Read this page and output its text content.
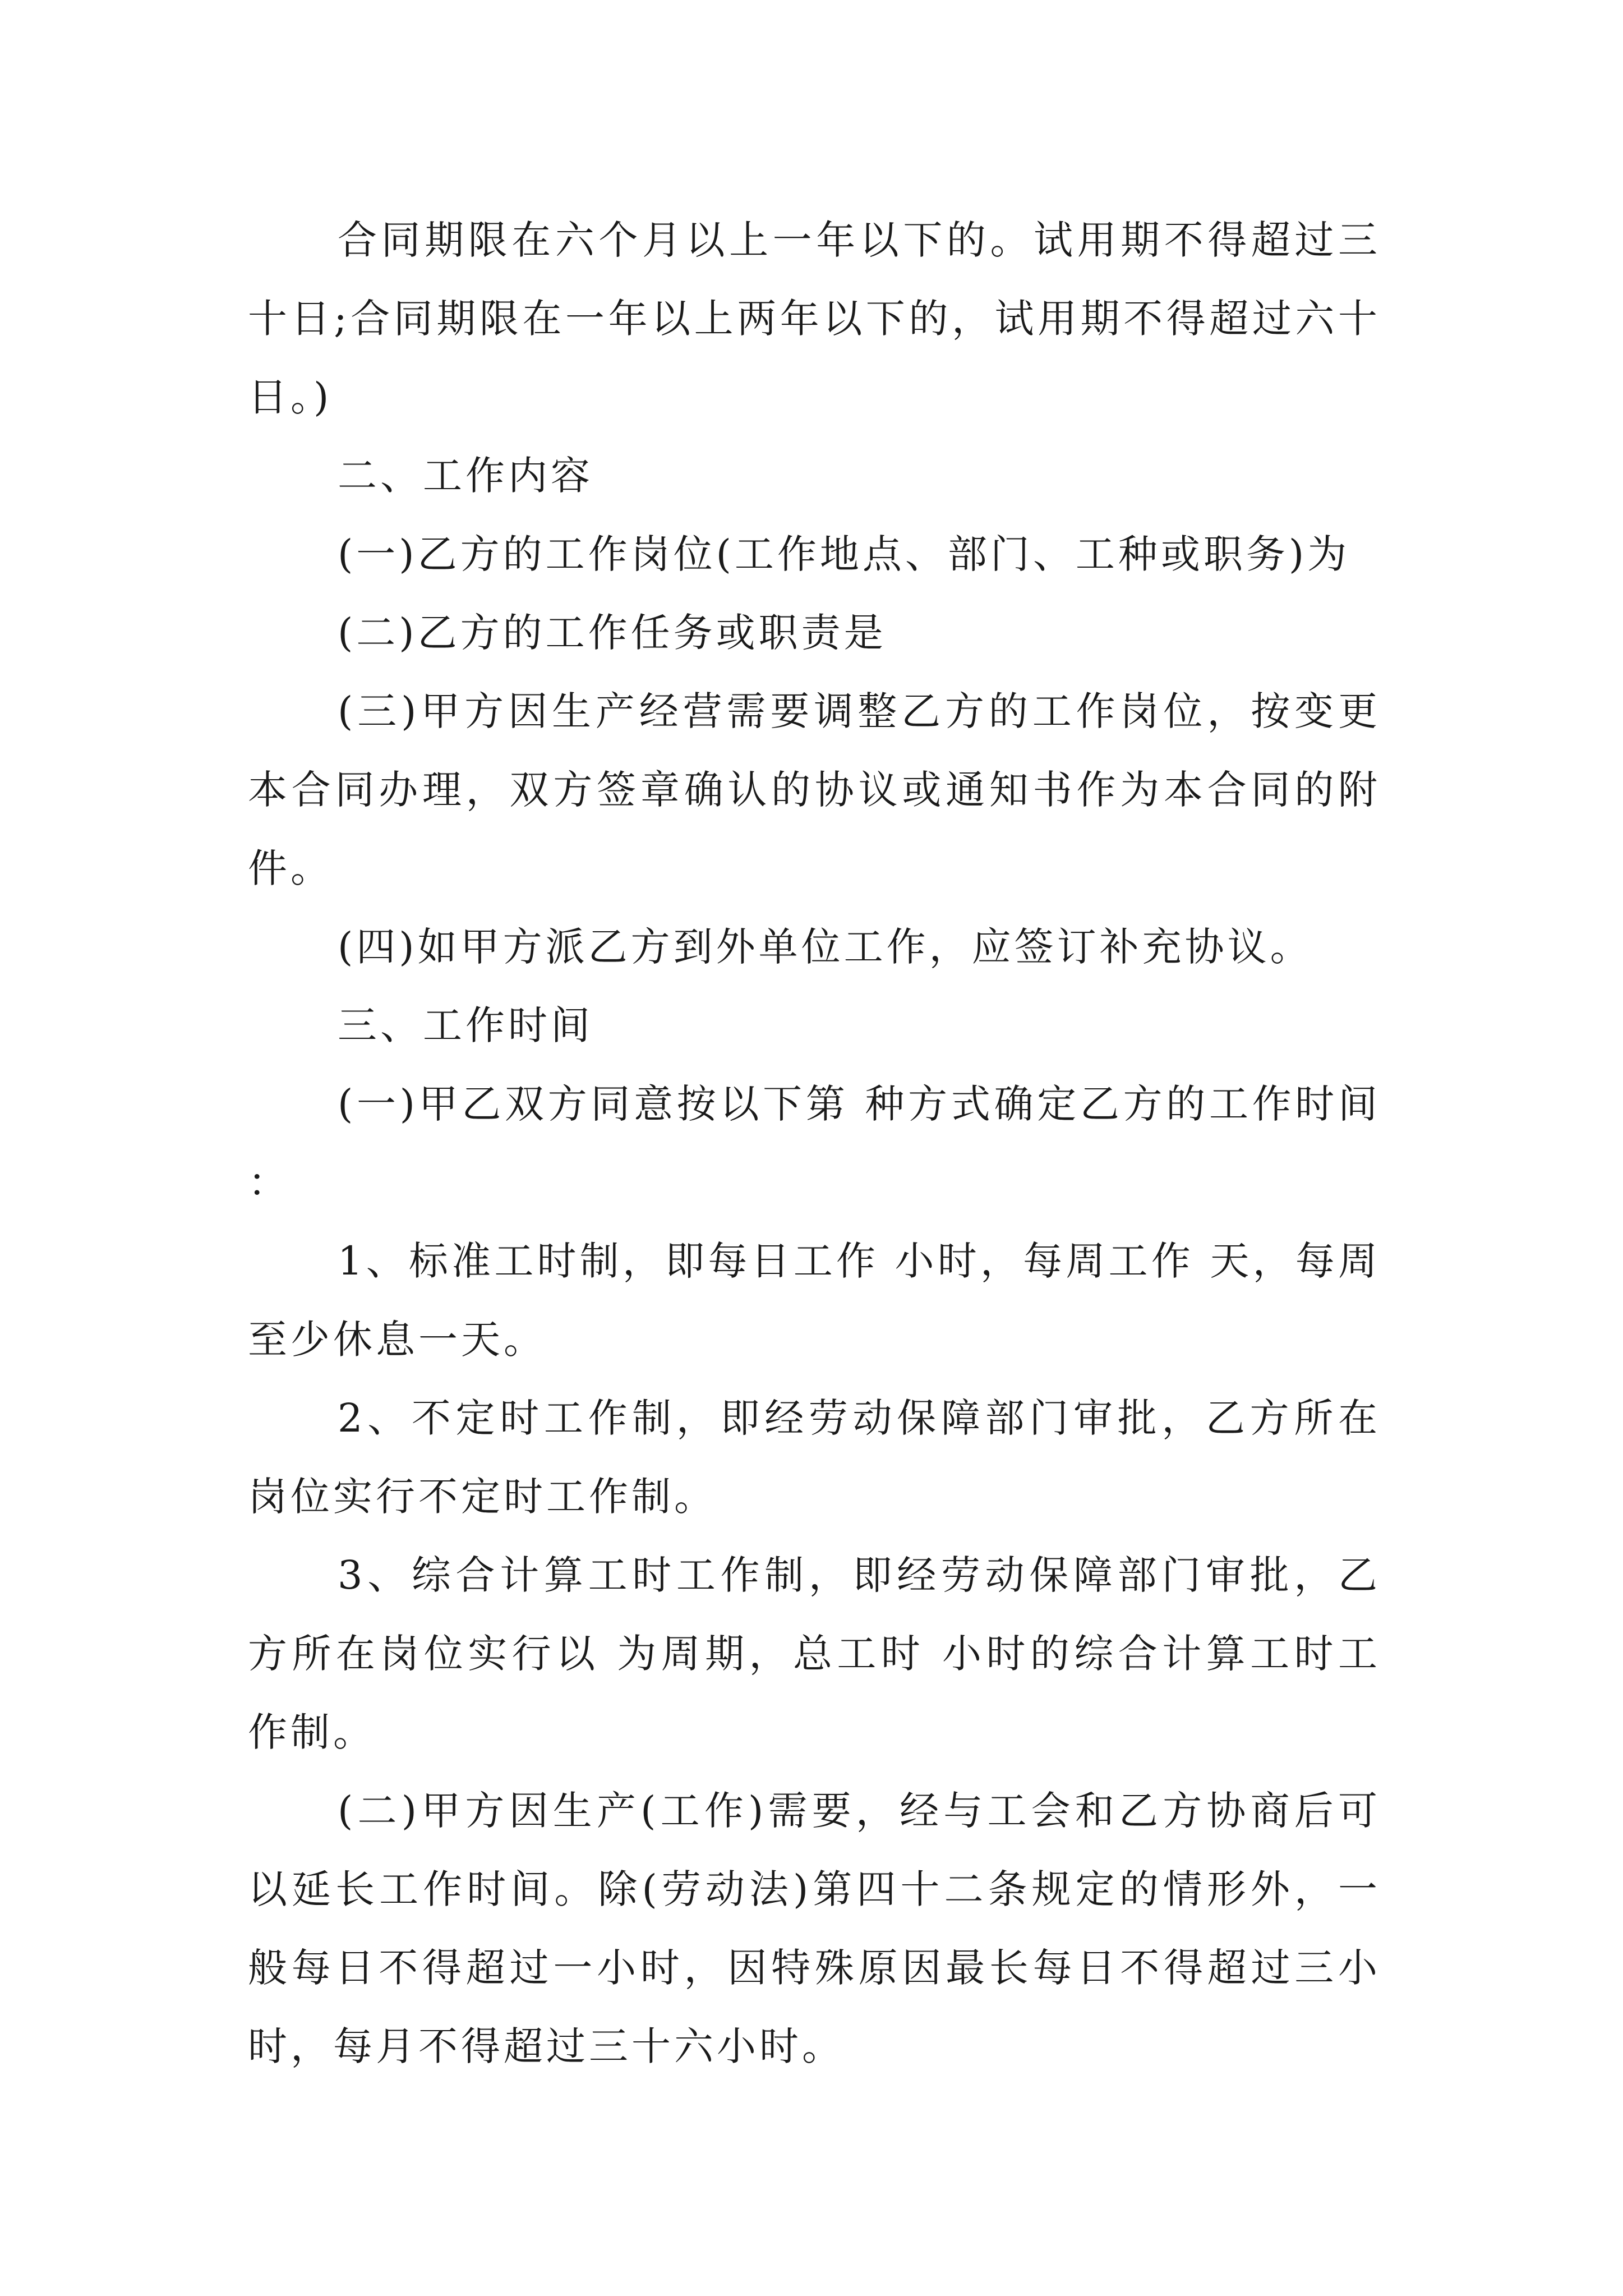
合同期限在六个月以上一年以下的。试用期不得超过三十日;合同期限在一年以上两年以下的，试用期不得超过六十日。)

二、工作内容

(一)乙方的工作岗位(工作地点、部门、工种或职务)为

(二)乙方的工作任务或职责是

(三)甲方因生产经营需要调整乙方的工作岗位，按变更本合同办理，双方签章确认的协议或通知书作为本合同的附件。

(四)如甲方派乙方到外单位工作，应签订补充协议。

三、工作时间

(一)甲乙双方同意按以下第 种方式确定乙方的工作时间：

1、标准工时制，即每日工作 小时，每周工作 天，每周至少休息一天。

2、不定时工作制，即经劳动保障部门审批，乙方所在岗位实行不定时工作制。

3、综合计算工时工作制，即经劳动保障部门审批，乙方所在岗位实行以 为周期，总工时 小时的综合计算工时工作制。

(二)甲方因生产(工作)需要，经与工会和乙方协商后可以延长工作时间。除(劳动法)第四十二条规定的情形外，一般每日不得超过一小时，因特殊原因最长每日不得超过三小时，每月不得超过三十六小时。
